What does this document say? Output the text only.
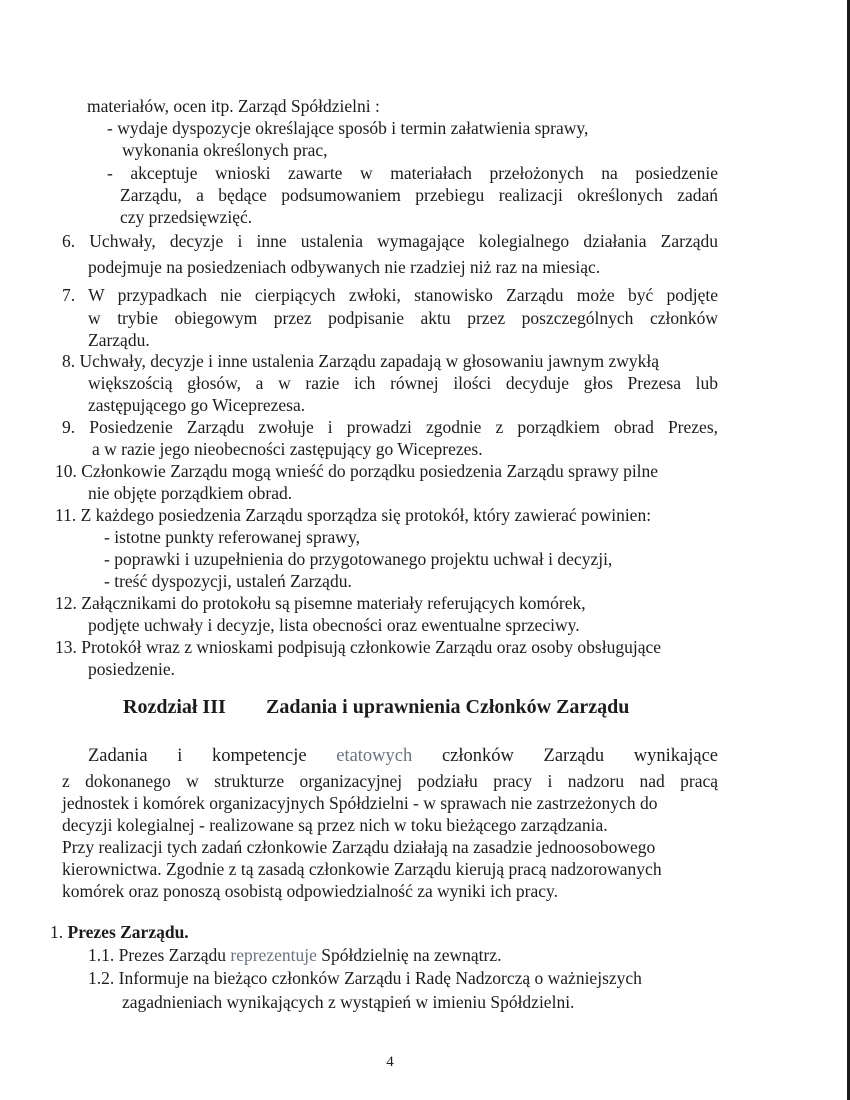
materiałów, ocen itp. Zarząd Spółdzielni :
- wydaje dyspozycje określające sposób i termin załatwienia sprawy,
wykonania określonych prac,
- akceptuje wnioski zawarte w materiałach przełożonych na posiedzenie
Zarządu, a będące podsumowaniem przebiegu realizacji określonych zadań
czy przedsięwzięć.
6. Uchwały, decyzje i inne ustalenia wymagające kolegialnego działania Zarządu
podejmuje na posiedzeniach odbywanych nie rzadziej niż raz na miesiąc.
7. W przypadkach nie cierpiących zwłoki, stanowisko Zarządu może być podjęte
w trybie obiegowym przez podpisanie aktu przez poszczególnych członków
Zarządu.
8. Uchwały, decyzje i inne ustalenia Zarządu zapadają w głosowaniu jawnym zwykłą
większością głosów, a w razie ich równej ilości decyduje głos Prezesa lub
zastępującego go Wiceprezesa.
9. Posiedzenie Zarządu zwołuje i prowadzi zgodnie z porządkiem obrad Prezes,
a w razie jego nieobecności zastępujący go Wiceprezes.
10. Członkowie Zarządu mogą wnieść do porządku posiedzenia Zarządu sprawy pilne
nie objęte porządkiem obrad.
11. Z każdego posiedzenia Zarządu sporządza się protokół, który zawierać powinien:
- istotne punkty referowanej sprawy,
- poprawki i uzupełnienia do przygotowanego projektu uchwał i decyzji,
- treść dyspozycji, ustaleń Zarządu.
12. Załącznikami do protokołu są pisemne materiały referujących komórek,
podjęte uchwały i decyzje, lista obecności oraz ewentualne sprzeciwy.
13. Protokół wraz z wnioskami podpisują członkowie Zarządu oraz osoby obsługujące
posiedzenie.
Rozdział III Zadania i uprawnienia Członków Zarządu
Zadania i kompetencje etatowych członków Zarządu wynikające
z dokonanego w strukturze organizacyjnej podziału pracy i nadzoru nad pracą
jednostek i komórek organizacyjnych Spółdzielni - w sprawach nie zastrzeżonych do
decyzji kolegialnej - realizowane są przez nich w toku bieżącego zarządzania.
Przy realizacji tych zadań członkowie Zarządu działają na zasadzie jednoosobowego
kierownictwa. Zgodnie z tą zasadą członkowie Zarządu kierują pracą nadzorowanych
komórek oraz ponoszą osobistą odpowiedzialność za wyniki ich pracy.
1. Prezes Zarządu.
1.1. Prezes Zarządu reprezentuje Spółdzielnię na zewnątrz.
1.2. Informuje na bieżąco członków Zarządu i Radę Nadzorczą o ważniejszych
zagadnieniach wynikających z wystąpień w imieniu Spółdzielni.
4
